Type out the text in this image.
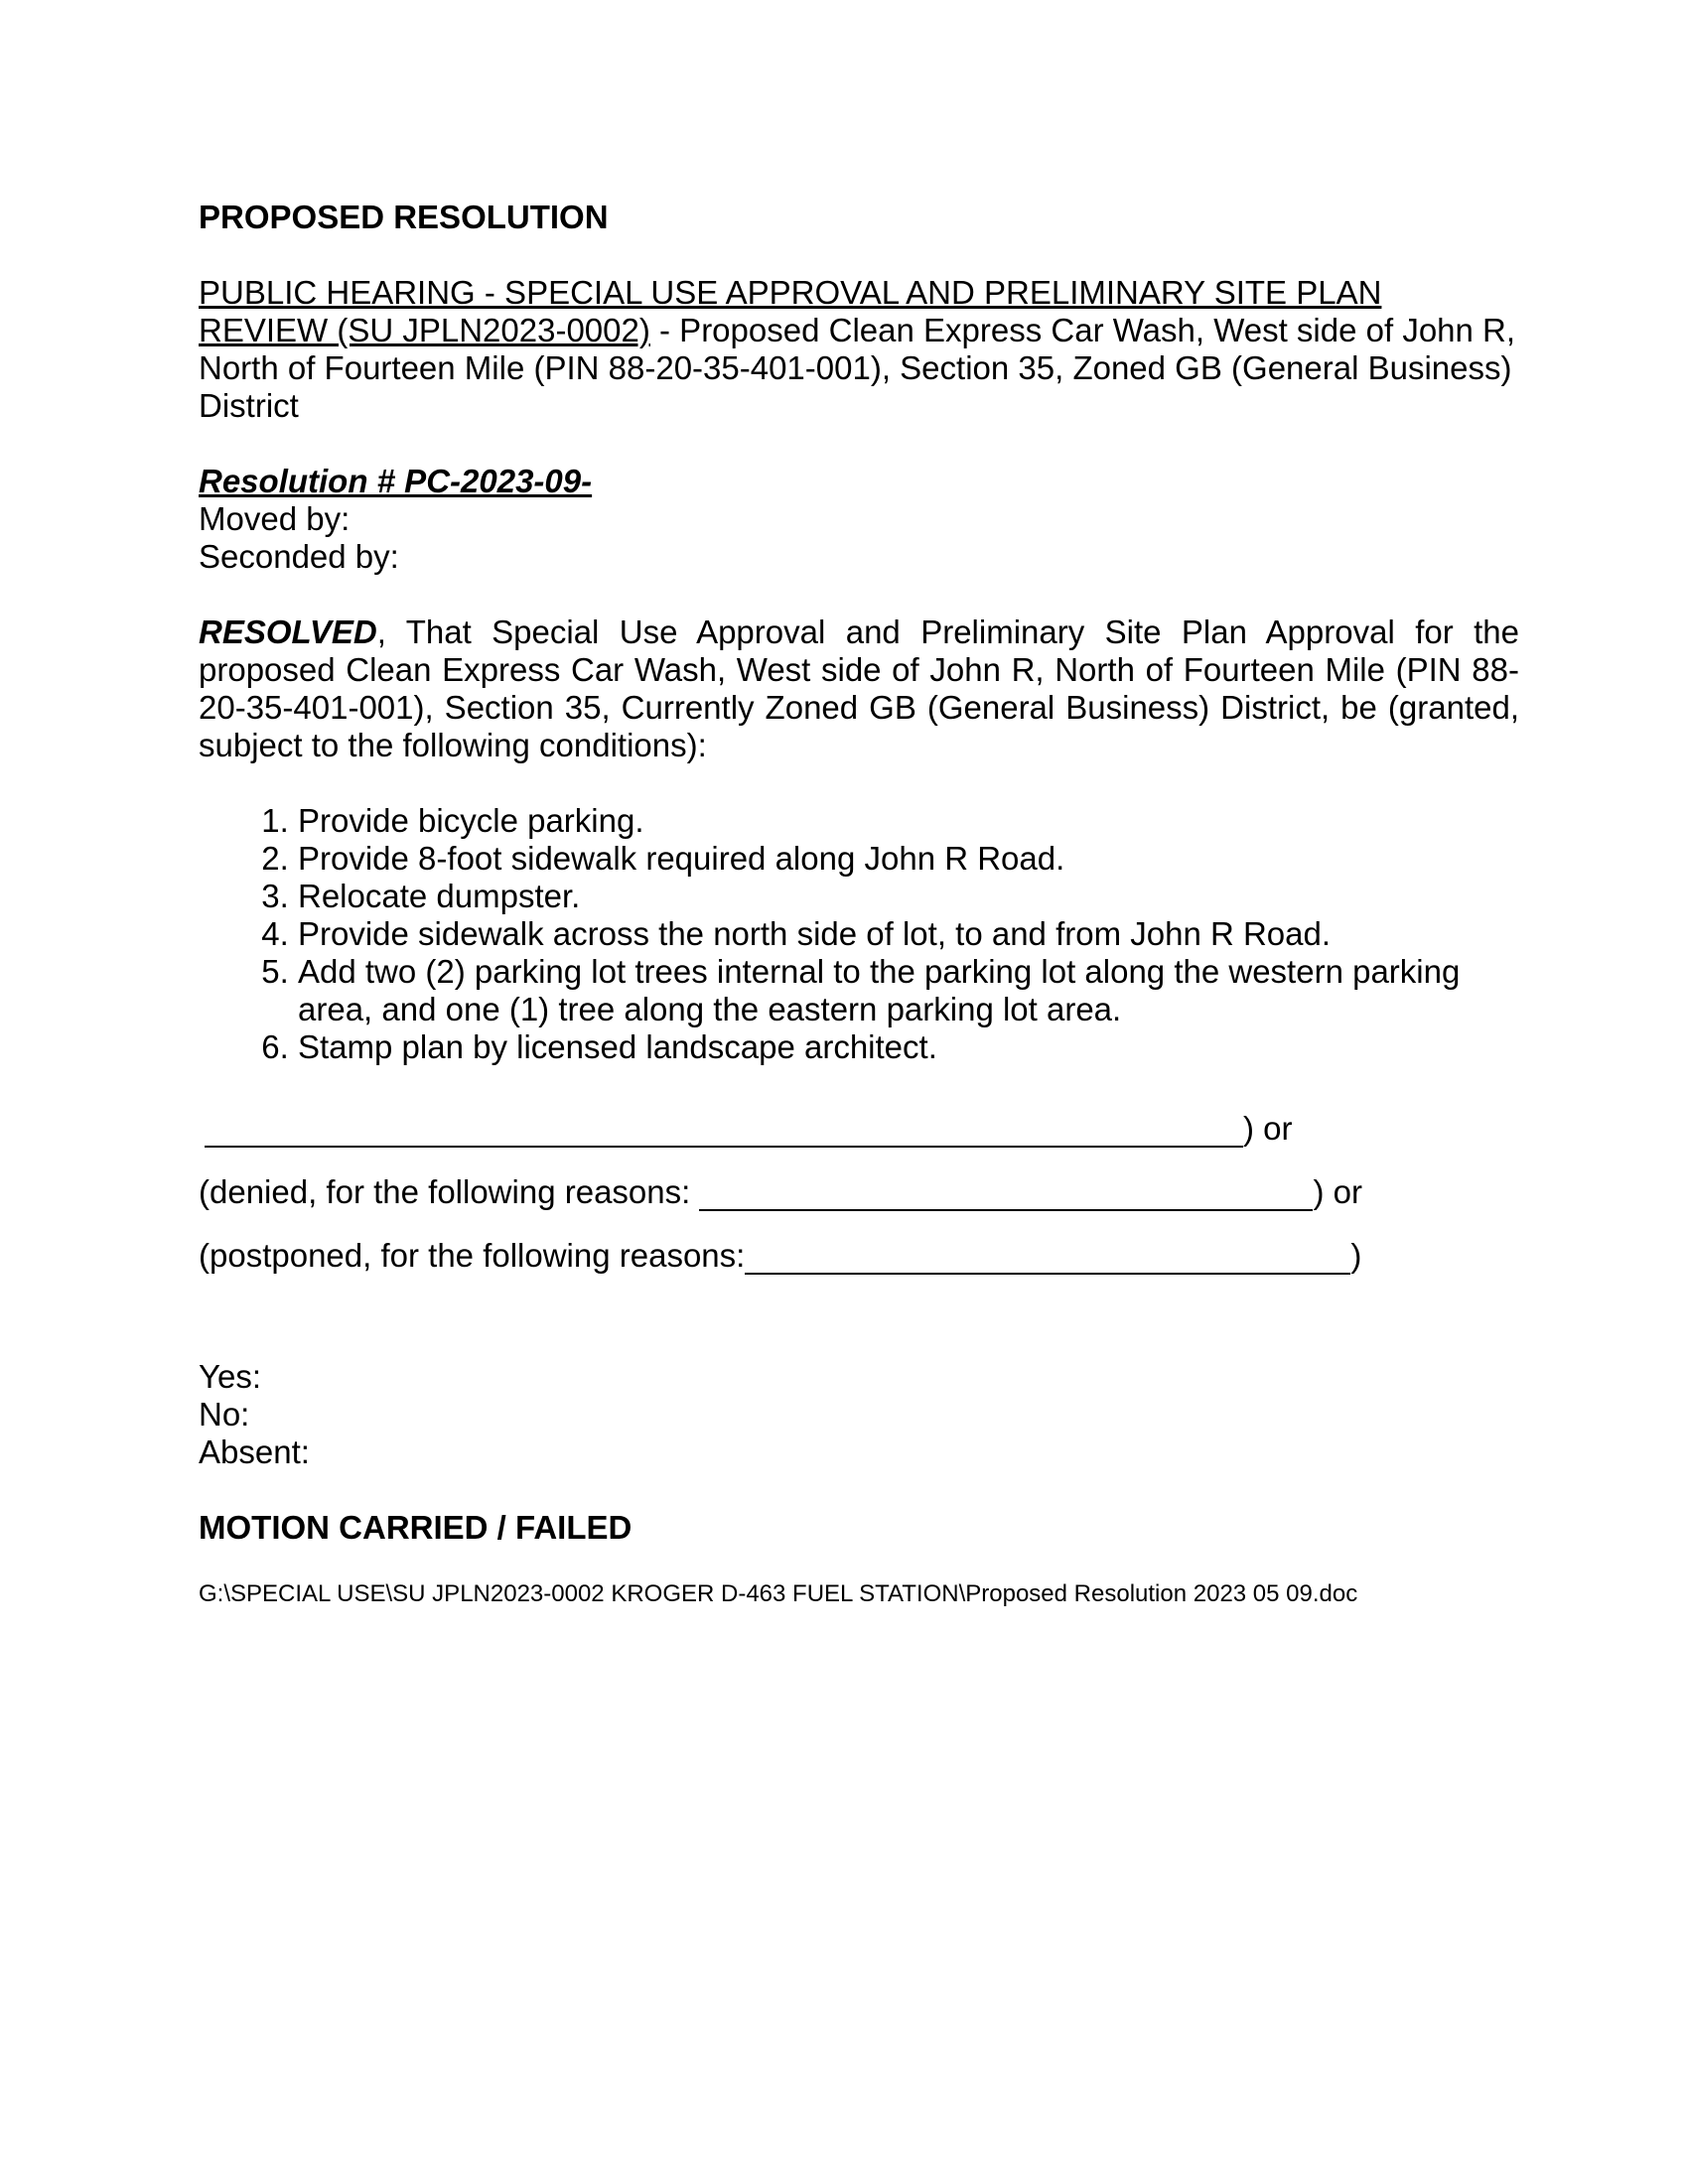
PROPOSED RESOLUTION
PUBLIC HEARING - SPECIAL USE APPROVAL AND PRELIMINARY SITE PLAN
REVIEW (SU JPLN2023-0002) - Proposed Clean Express Car Wash, West side of John R, North of Fourteen Mile (PIN 88-20-35-401-001), Section 35, Zoned GB (General Business) District
Resolution # PC-2023-09-
Moved by:
Seconded by:
RESOLVED, That Special Use Approval and Preliminary Site Plan Approval for the proposed Clean Express Car Wash, West side of John R, North of Fourteen Mile (PIN 88-20-35-401-001), Section 35, Currently Zoned GB (General Business) District, be (granted, subject to the following conditions):
1. Provide bicycle parking.
2. Provide 8-foot sidewalk required along John R Road.
3. Relocate dumpster.
4. Provide sidewalk across the north side of lot, to and from John R Road.
5. Add two (2) parking lot trees internal to the parking lot along the western parking area, and one (1) tree along the eastern parking lot area.
6. Stamp plan by licensed landscape architect.
) or
(denied, for the following reasons:	) or
(postponed, for the following reasons:	)
Yes:
No:
Absent:
MOTION CARRIED / FAILED
G:\SPECIAL USE\SU JPLN2023-0002 KROGER D-463 FUEL STATION\Proposed Resolution 2023 05 09.doc
